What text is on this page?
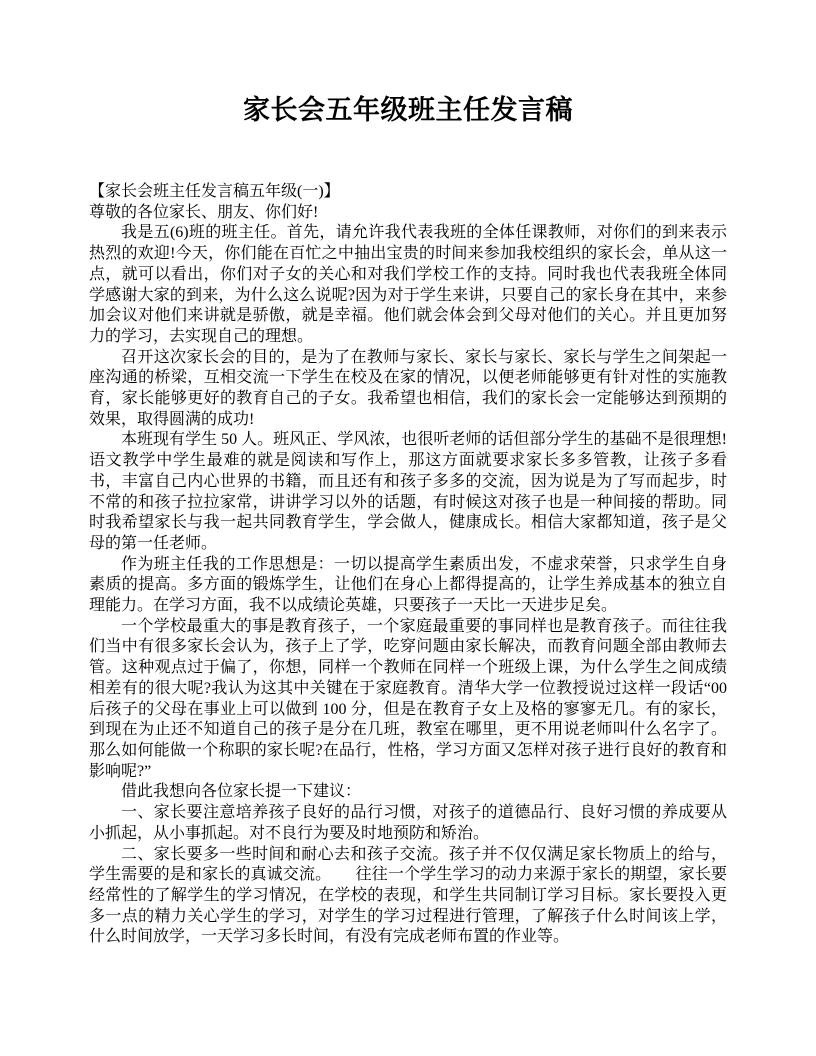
家长会五年级班主任发言稿

【家长会班主任发言稿五年级(一)】

尊敬的各位家长、朋友、你们好!

我是五(6)班的班主任。首先，请允许我代表我班的全体任课教师，对你们的到来表示热烈的欢迎!今天，你们能在百忙之中抽出宝贵的时间来参加我校组织的家长会，单从这一点，就可以看出，你们对子女的关心和对我们学校工作的支持。同时我也代表我班全体同学感谢大家的到来，为什么这么说呢?因为对于学生来讲，只要自己的家长身在其中，来参加会议对他们来讲就是骄傲，就是幸福。他们就会体会到父母对他们的关心。并且更加努力的学习，去实现自己的理想。

召开这次家长会的目的，是为了在教师与家长、家长与家长、家长与学生之间架起一座沟通的桥梁，互相交流一下学生在校及在家的情况，以便老师能够更有针对性的实施教育，家长能够更好的教育自己的子女。我希望也相信，我们的家长会一定能够达到预期的效果，取得圆满的成功!

本班现有学生 50 人。班风正、学风浓，也很听老师的话但部分学生的基础不是很理想!语文教学中学生最难的就是阅读和写作上，那这方面就要求家长多多管教，让孩子多看书，丰富自己内心世界的书籍，而且还有和孩子多多的交流，因为说是为了写而起步，时不常的和孩子拉拉家常，讲讲学习以外的话题，有时候这对孩子也是一种间接的帮助。同时我希望家长与我一起共同教育学生，学会做人，健康成长。相信大家都知道，孩子是父母的第一任老师。

作为班主任我的工作思想是：一切以提高学生素质出发，不虚求荣誉，只求学生自身素质的提高。多方面的锻炼学生，让他们在身心上都得提高的，让学生养成基本的独立自理能力。在学习方面，我不以成绩论英雄，只要孩子一天比一天进步足矣。

一个学校最重大的事是教育孩子，一个家庭最重要的事同样也是教育孩子。而往往我们当中有很多家长会认为，孩子上了学，吃穿问题由家长解决，而教育问题全部由教师去管。这种观点过于偏了，你想，同样一个教师在同样一个班级上课，为什么学生之间成绩相差有的很大呢?我认为这其中关键在于家庭教育。清华大学一位教授说过这样一段话“00 后孩子的父母在事业上可以做到 100 分，但是在教育子女上及格的寥寥无几。有的家长，到现在为止还不知道自己的孩子是分在几班，教室在哪里，更不用说老师叫什么名字了。那么如何能做一个称职的家长呢?在品行，性格，学习方面又怎样对孩子进行良好的教育和影响呢?”

借此我想向各位家长提一下建议：

一、家长要注意培养孩子良好的品行习惯，对孩子的道德品行、良好习惯的养成要从小抓起，从小事抓起。对不良行为要及时地预防和矫治。

二、家长要多一些时间和耐心去和孩子交流。孩子并不仅仅满足家长物质上的给与，学生需要的是和家长的真诚交流。　　往往一个学生学习的动力来源于家长的期望，家长要经常性的了解学生的学习情况，在学校的表现，和学生共同制订学习目标。家长要投入更多一点的精力关心学生的学习，对学生的学习过程进行管理，了解孩子什么时间该上学，什么时间放学，一天学习多长时间，有没有完成老师布置的作业等。
